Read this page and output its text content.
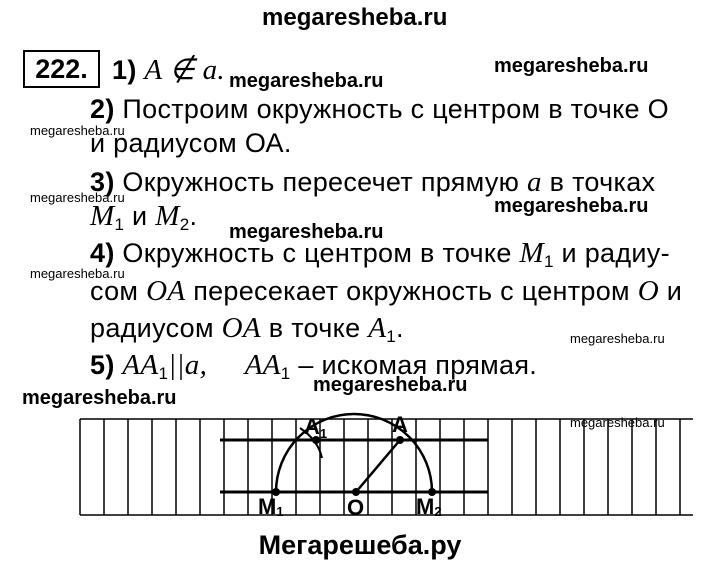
megaresheba.ru
megaresheba.ru
megaresheba.ru
megaresheba.ru
megaresheba.ru	megaresheba.ru
megaresheba.ru
megaresheba.ru
megaresheba.ru
megaresheba.ru
megaresheba.ru
megaresheba.ru
222. 1) A ∉ a.
2) Построим окружность с центром в точке О
и радиусом ОА.
3) Окружность пересечет прямую a в точках
$M_1$ и $M_2$.
4) Окружность с центром в точке $M_1$ и радиу-
сом OA пересекает окружность с центром O и
радиусом OA в точке $A_1$.
5) $AA_1||a$, $AA_1$ – искомая прямая.
A1	A
M1	O M2
Мегарешеба.ру
